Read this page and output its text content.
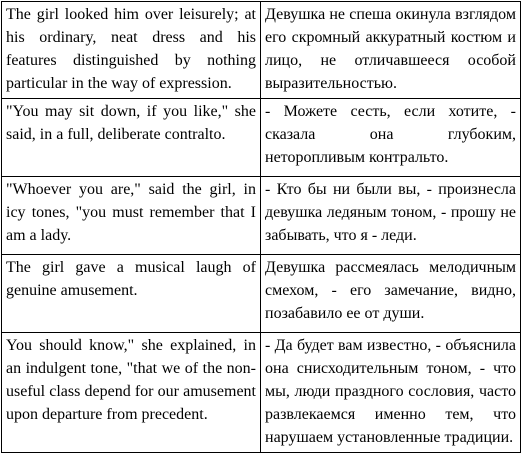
The girl looked him over leisurely; at his ordinary, neat dress and his features distinguished by nothing particular in the way of expression.	Девушка не спеша окинула взглядом его скромный аккуратный костюм и лицо, не отличавшееся особой выразительностью.
"You may sit down, if you like," she said, in a full, deliberate contralto.	- Можете сесть, если хотите, - сказала она глубоким, неторопливым контральто.
"Whoever you are," said the girl, in icy tones, "you must remember that I am a lady.	- Кто бы ни были вы, - произнесла девушка ледяным тоном, - прошу не забывать, что я - леди.
The girl gave a musical laugh of genuine amusement.	Девушка рассмеялась мелодичным смехом, - его замечание, видно, позабавило ее от души.
You should know," she explained, in an indulgent tone, "that we of the non-useful class depend for our amusement upon departure from precedent.	- Да будет вам известно, - объяснила она снисходительным тоном, - что мы, люди праздного сословия, часто развлекаемся именно тем, что нарушаем установленные традиции.
